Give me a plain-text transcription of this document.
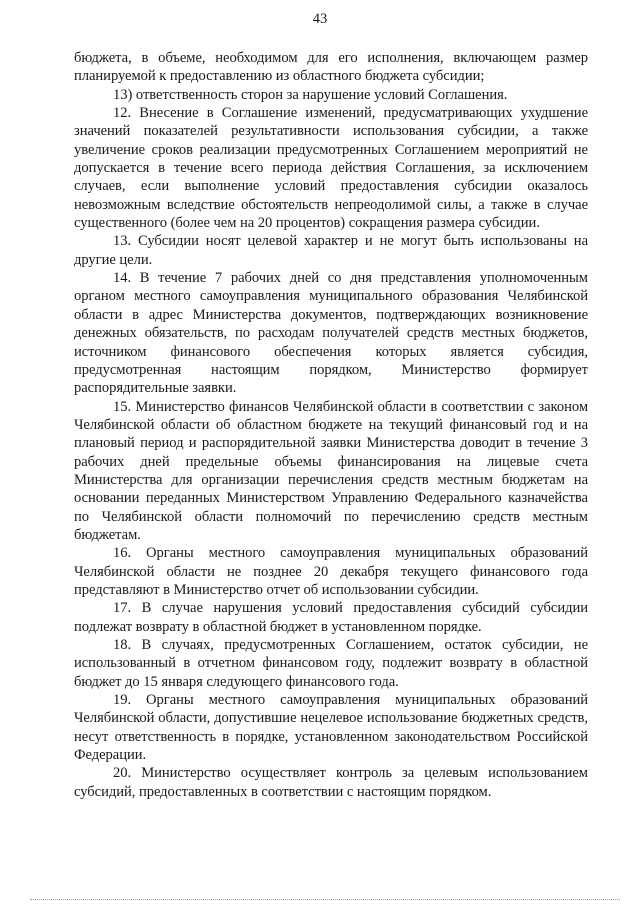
43

бюджета, в объеме, необходимом для его исполнения, включающем размер планируемой к предоставлению из областного бюджета субсидии;

13) ответственность сторон за нарушение условий Соглашения.

12. Внесение в Соглашение изменений, предусматривающих ухудшение значений показателей результативности использования субсидии, а также увеличение сроков реализации предусмотренных Соглашением мероприятий не допускается в течение всего периода действия Соглашения, за исключением случаев, если выполнение условий предоставления субсидии оказалось невозможным вследствие обстоятельств непреодолимой силы, а также в случае существенного (более чем на 20 процентов) сокращения размера субсидии.

13. Субсидии носят целевой характер и не могут быть использованы на другие цели.

14. В течение 7 рабочих дней со дня представления уполномоченным органом местного самоуправления муниципального образования Челябинской области в адрес Министерства документов, подтверждающих возникновение денежных обязательств, по расходам получателей средств местных бюджетов, источником финансового обеспечения которых является субсидия, предусмотренная настоящим порядком, Министерство формирует распорядительные заявки.

15. Министерство финансов Челябинской области в соответствии с законом Челябинской области об областном бюджете на текущий финансовый год и на плановый период и распорядительной заявки Министерства доводит в течение 3 рабочих дней предельные объемы финансирования на лицевые счета Министерства для организации перечисления средств местным бюджетам на основании переданных Министерством Управлению Федерального казначейства по Челябинской области полномочий по перечислению средств местным бюджетам.

16. Органы местного самоуправления муниципальных образований Челябинской области не позднее 20 декабря текущего финансового года представляют в Министерство отчет об использовании субсидии.

17. В случае нарушения условий предоставления субсидий субсидии подлежат возврату в областной бюджет в установленном порядке.

18. В случаях, предусмотренных Соглашением, остаток субсидии, не использованный в отчетном финансовом году, подлежит возврату в областной бюджет до 15 января следующего финансового года.

19. Органы местного самоуправления муниципальных образований Челябинской области, допустившие нецелевое использование бюджетных средств, несут ответственность в порядке, установленном законодательством Российской Федерации.

20. Министерство осуществляет контроль за целевым использованием субсидий, предоставленных в соответствии с настоящим порядком.
